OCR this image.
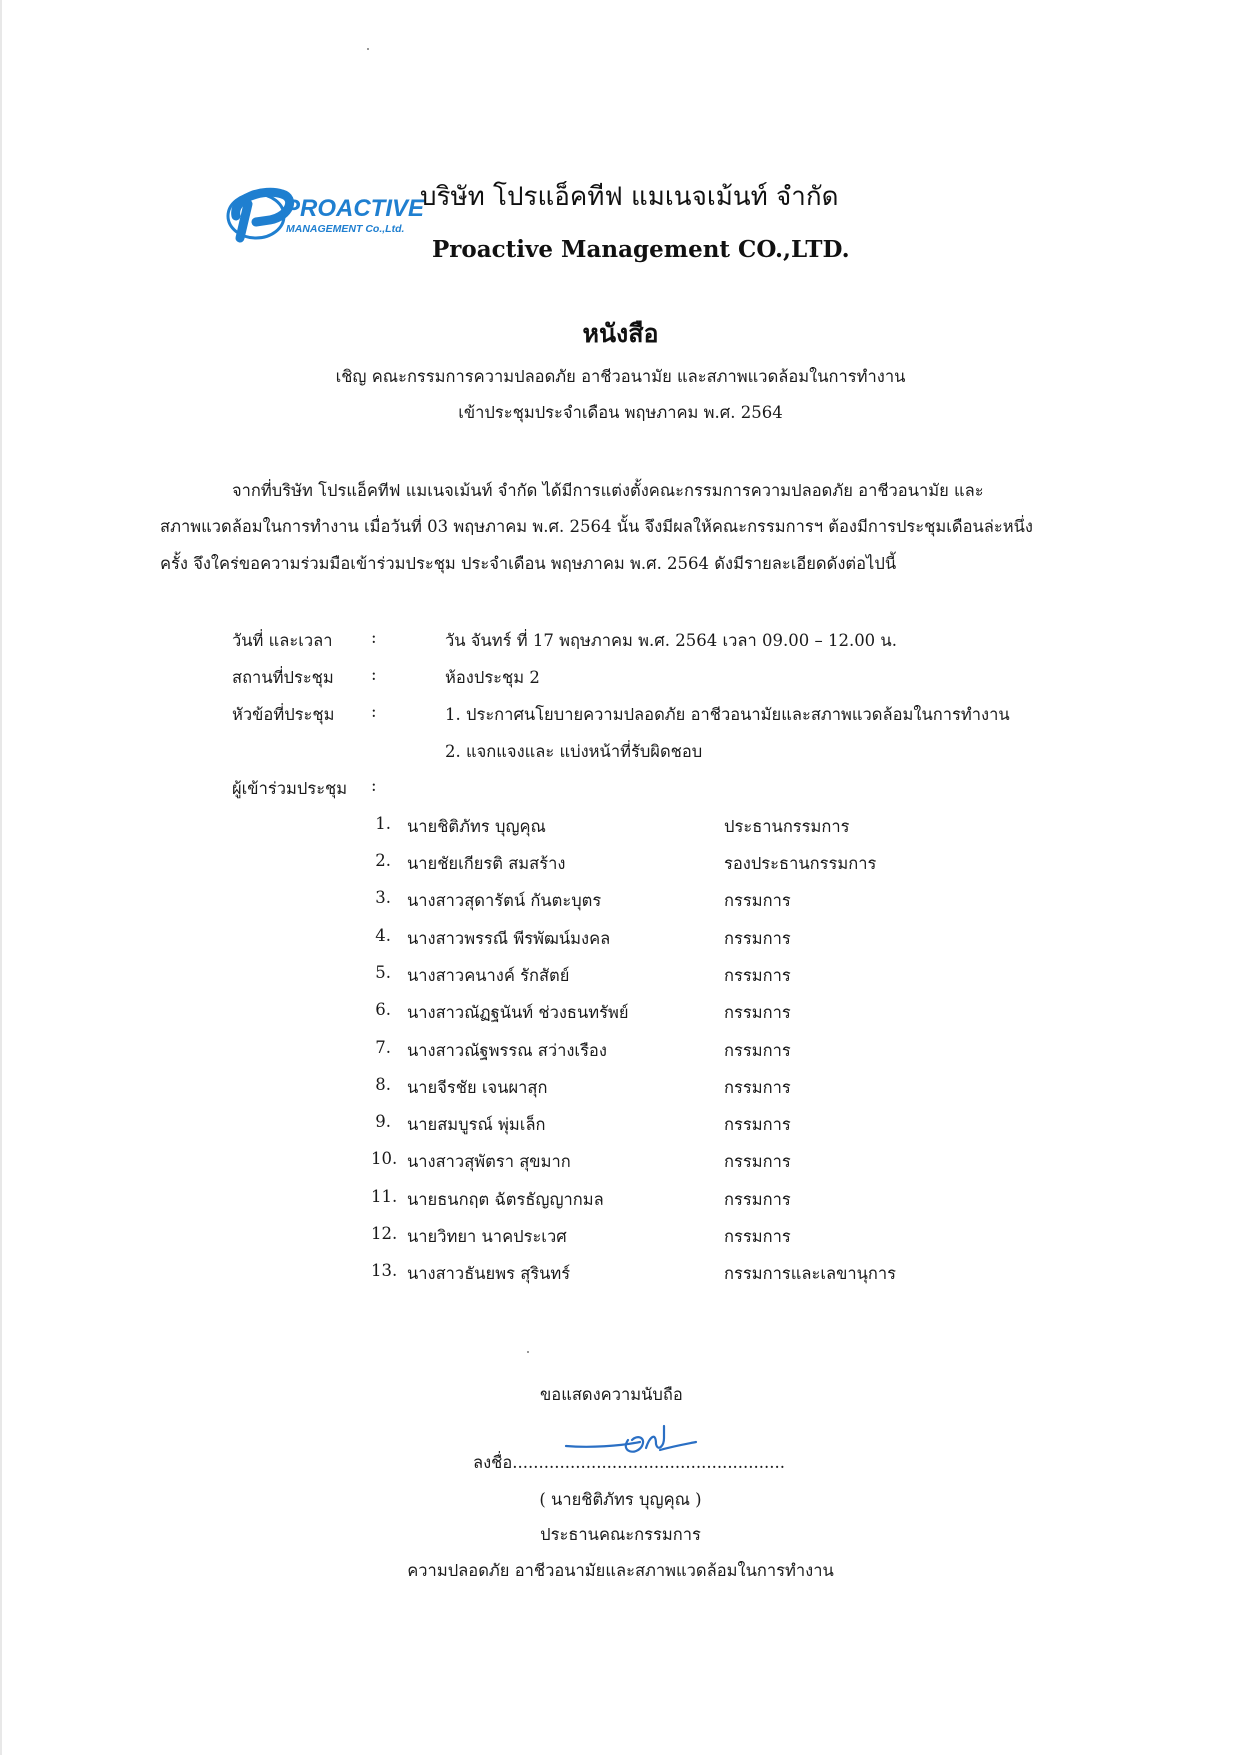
PROACTIVE
MANAGEMENT Co.,Ltd.
บริษัท โปรแอ็คทีฟ แมเนจเม้นท์ จำกัด
Proactive Management CO.,LTD.
หนังสือ
เชิญ คณะกรรมการความปลอดภัย อาชีวอนามัย และสภาพแวดล้อมในการทำงาน
เข้าประชุมประจำเดือน พฤษภาคม พ.ศ. 2564
จากที่บริษัท โปรแอ็คทีฟ แมเนจเม้นท์ จำกัด ได้มีการแต่งตั้งคณะกรรมการความปลอดภัย อาชีวอนามัย และ
สภาพแวดล้อมในการทำงาน เมื่อวันที่ 03 พฤษภาคม พ.ศ. 2564 นั้น จึงมีผลให้คณะกรรมการฯ ต้องมีการประชุมเดือนล่ะหนึ่ง
ครั้ง จึงใคร่ขอความร่วมมือเข้าร่วมประชุม ประจำเดือน พฤษภาคม พ.ศ. 2564 ดังมีรายละเอียดดังต่อไปนี้
วันที่ และเวลา :	วัน จันทร์ ที่ 17 พฤษภาคม พ.ศ. 2564 เวลา 09.00 – 12.00 น.
สถานที่ประชุม :	ห้องประชุม 2
หัวข้อที่ประชุม :	1. ประกาศนโยบายความปลอดภัย อาชีวอนามัยและสภาพแวดล้อมในการทำงาน
2. แจกแจงและ แบ่งหน้าที่รับผิดชอบ
ผู้เข้าร่วมประชุม :
1. นายชิติภัทร บุญคุณ	ประธานกรรมการ
2. นายชัยเกียรติ สมสร้าง	รองประธานกรรมการ
3. นางสาวสุดารัตน์ กันตะบุตร	กรรมการ
4. นางสาวพรรณี พีรพัฒน์มงคล	กรรมการ
5. นางสาวคนางค์ รักสัตย์	กรรมการ
6. นางสาวณัฏฐนันท์ ช่วงธนทรัพย์	กรรมการ
7. นางสาวณัฐพรรณ สว่างเรือง	กรรมการ
8. นายจีรชัย เจนผาสุก	กรรมการ
9. นายสมบูรณ์ พุ่มเล็ก	กรรมการ
10. นางสาวสุพัตรา สุขมาก	กรรมการ
11. นายธนกฤต ฉัตรธัญญากมล	กรรมการ
12. นายวิทยา นาคประเวศ	กรรมการ
13. นางสาวธันยพร สุรินทร์	กรรมการและเลขานุการ
ขอแสดงความนับถือ
ลงชื่อ....................................................
( นายชิติภัทร บุญคุณ )
ประธานคณะกรรมการ
ความปลอดภัย อาชีวอนามัยและสภาพแวดล้อมในการทำงาน
